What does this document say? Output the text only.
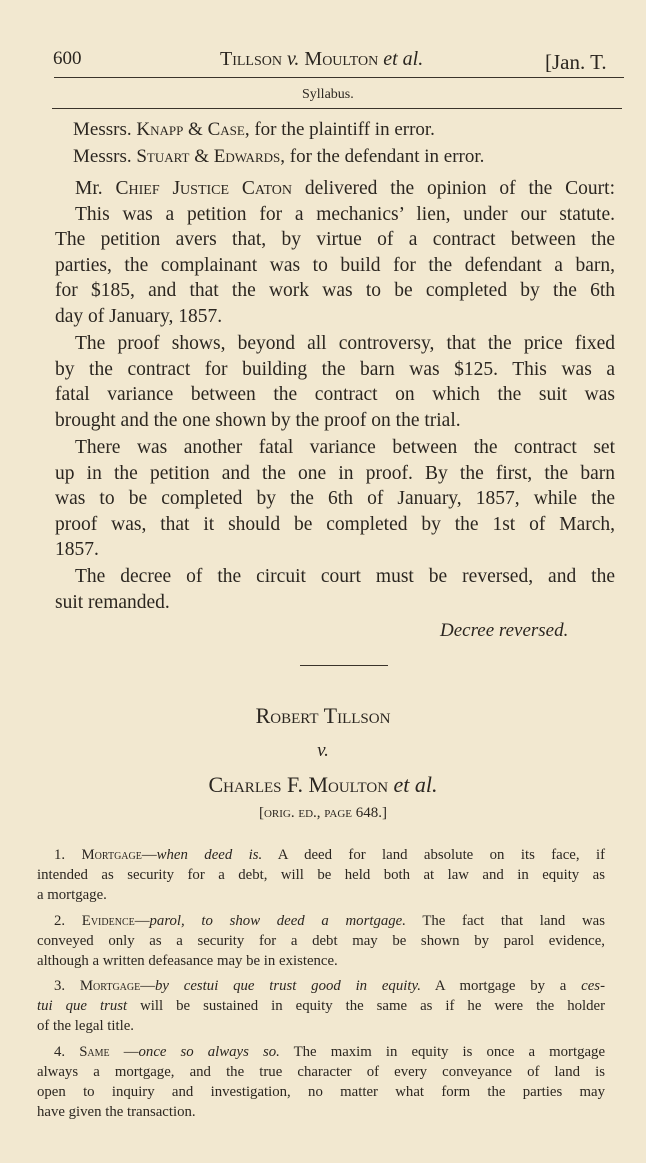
600	Tillson v. Moulton et al.	[Jan. T.
Syllabus.
Messrs. Knapp & Case, for the plaintiff in error.
Messrs. Stuart & Edwards, for the defendant in error.
Mr. Chief Justice Caton delivered the opinion of the Court:
This was a petition for a mechanics’ lien, under our statute.
The petition avers that, by virtue of a contract between the
parties, the complainant was to build for the defendant a barn,
for $185, and that the work was to be completed by the 6th
day of January, 1857.
The proof shows, beyond all controversy, that the price fixed
by the contract for building the barn was $125. This was a
fatal variance between the contract on which the suit was
brought and the one shown by the proof on the trial.
There was another fatal variance between the contract set
up in the petition and the one in proof. By the first, the barn
was to be completed by the 6th of January, 1857, while the
proof was, that it should be completed by the 1st of March,
1857.
The decree of the circuit court must be reversed, and the
suit remanded.
Decree reversed.
Robert Tillson
v.
Charles F. Moulton et al.
[orig. ed., page 648.]
1. Mortgage—when deed is. A deed for land absolute on its face, if
intended as security for a debt, will be held both at law and in equity as
a mortgage.
2. Evidence—parol, to show deed a mortgage. The fact that land was
conveyed only as a security for a debt may be shown by parol evidence,
although a written defeasance may be in existence.
3. Mortgage—by cestui que trust good in equity. A mortgage by a ces-
tui que trust will be sustained in equity the same as if he were the holder
of the legal title.
4. Same —once so always so. The maxim in equity is once a mortgage
always a mortgage, and the true character of every conveyance of land is
open to inquiry and investigation, no matter what form the parties may
have given the transaction.
